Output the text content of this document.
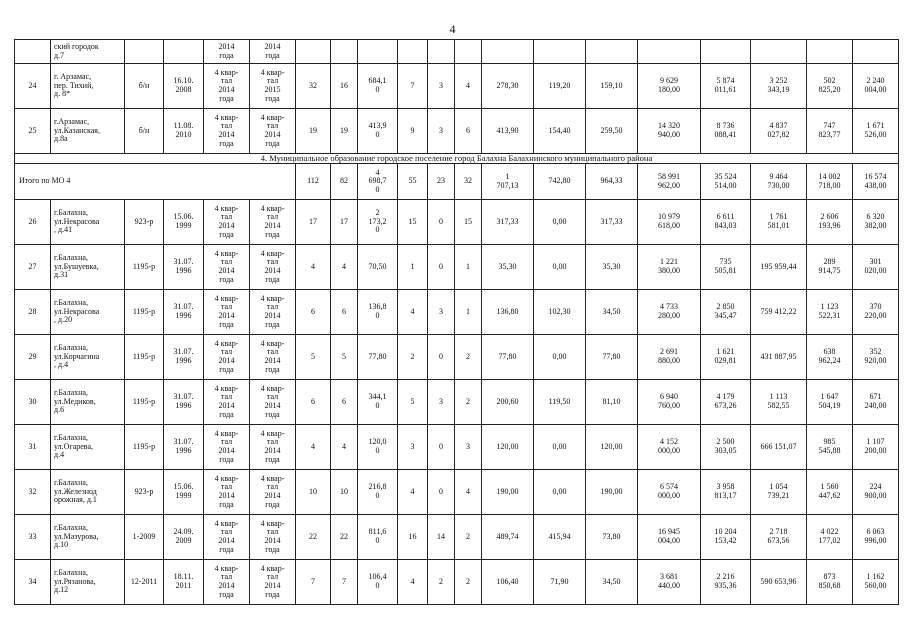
4

	ский городок
д.7			2014
года	2014
года														

24	г. Арзамас,
пер. Тихий,
д. 8*	б/н	16.10.
2008	4 квар-
тал
2014
года	4 квар-
тал
2015
года	32	16	684,1
0	7	3	4	278,30	119,20	159,10	9 629
180,00	5 874
011,61	3 252
343,19	502
825,20	2 240
004,00

25	г.Арзамас,
ул.Казанская,
д.8а	б/н	11.08.
2010	4 квар-
тал
2014
года	4 квар-
тал
2014
года	19	19	413,9
0	9	3	6	413,90	154,40	259,50	14 320
940,00	8 736
088,41	4 837
027,82	747
823,77	1 671
526,00

4. Муниципальное образование городское поселение город Балахна Балахнинского муниципального района																			
Итого по МО 4						112	82	4
698,7
0	55	23	32	1
707,13	742,80	964,33	58 991
962,00	35 524
514,00	9 464
730,00	14 002
718,00	16 574
438,00

26	г.Балахна,
ул.Некрасова
, д.41	923-р	15.06.
1999	4 квар-
тал
2014
года	4 квар-
тал
2014
года	17	17	2
173,2
0	15	0	15	317,33	0,00	317,33	10 979
618,00	6 611
843,03	1 761
581,01	2 606
193,96	6 320
382,00

27	г.Балахна,
ул.Бушуевка,
д.31	1195-р	31.07.
1996	4 квар-
тал
2014
года	4 квар-
тал
2014
года	4	4	70,50	1	0	1	35,30	0,00	35,30	1 221
380,00	735
505,81	195 959,44	289
914,75	301
020,00

28	г.Балахна,
ул.Некрасова
, д.20	1195-р	31.07.
1996	4 квар-
тал
2014
года	4 квар-
тал
2014
года	6	6	136,8
0	4	3	1	136,80	102,30	34,50	4 733
280,00	2 850
345,47	759 412,22	1 123
522,31	370
220,00

29	г.Балахна,
ул.Корчагина
, д.4	1195-р	31.07.
1996	4 квар-
тал
2014
года	4 квар-
тал
2014
года	5	5	77,80	2	0	2	77,80	0,00	77,80	2 691
880,00	1 621
029,81	431 887,95	638
962,24	352
920,00

30	г.Балахна,
ул.Медиков,
д.6	1195-р	31.07.
1996	4 квар-
тал
2014
года	4 квар-
тал
2014
года	6	6	344,1
0	5	3	2	200,60	119,50	81,10	6 940
760,00	4 179
673,26	1 113
582,55	1 647
504,19	671
240,00

31	г.Балахна,
ул.Огарева,
д.4	1195-р	31.07.
1996	4 квар-
тал
2014
года	4 квар-
тал
2014
года	4	4	120,0
0	3	0	3	120,00	0,00	120,00	4 152
000,00	2 500
303,05	666 151,07	985
545,88	1 107
200,00

32	г.Балахна,
ул.Железнод
орожная, д.1	923-р	15.06.
1999	4 квар-
тал
2014
года	4 квар-
тал
2014
года	10	10	216,8
0	4	0	4	190,00	0,00	190,00	6 574
000,00	3 958
813,17	1 054
739,21	1 560
447,62	224
900,00

33	г.Балахна,
ул.Мазурова,
д.10	1-2009	24.09.
2009	4 квар-
тал
2014
года	4 квар-
тал
2014
года	22	22	811,6
0	16	14	2	489,74	415,94	73,80	16 945
004,00	10 204
153,42	2 718
673,56	4 022
177,02	6 063
996,00

34	г.Балахна,
ул.Рязанова,
д.12	12-2011	18.11.
2011	4 квар-
тал
2014
года	4 квар-
тал
2014
года	7	7	106,4
0	4	2	2	106,40	71,90	34,50	3 681
440,00	2 216
935,36	590 653,96	873
850,68	1 162
560,00
